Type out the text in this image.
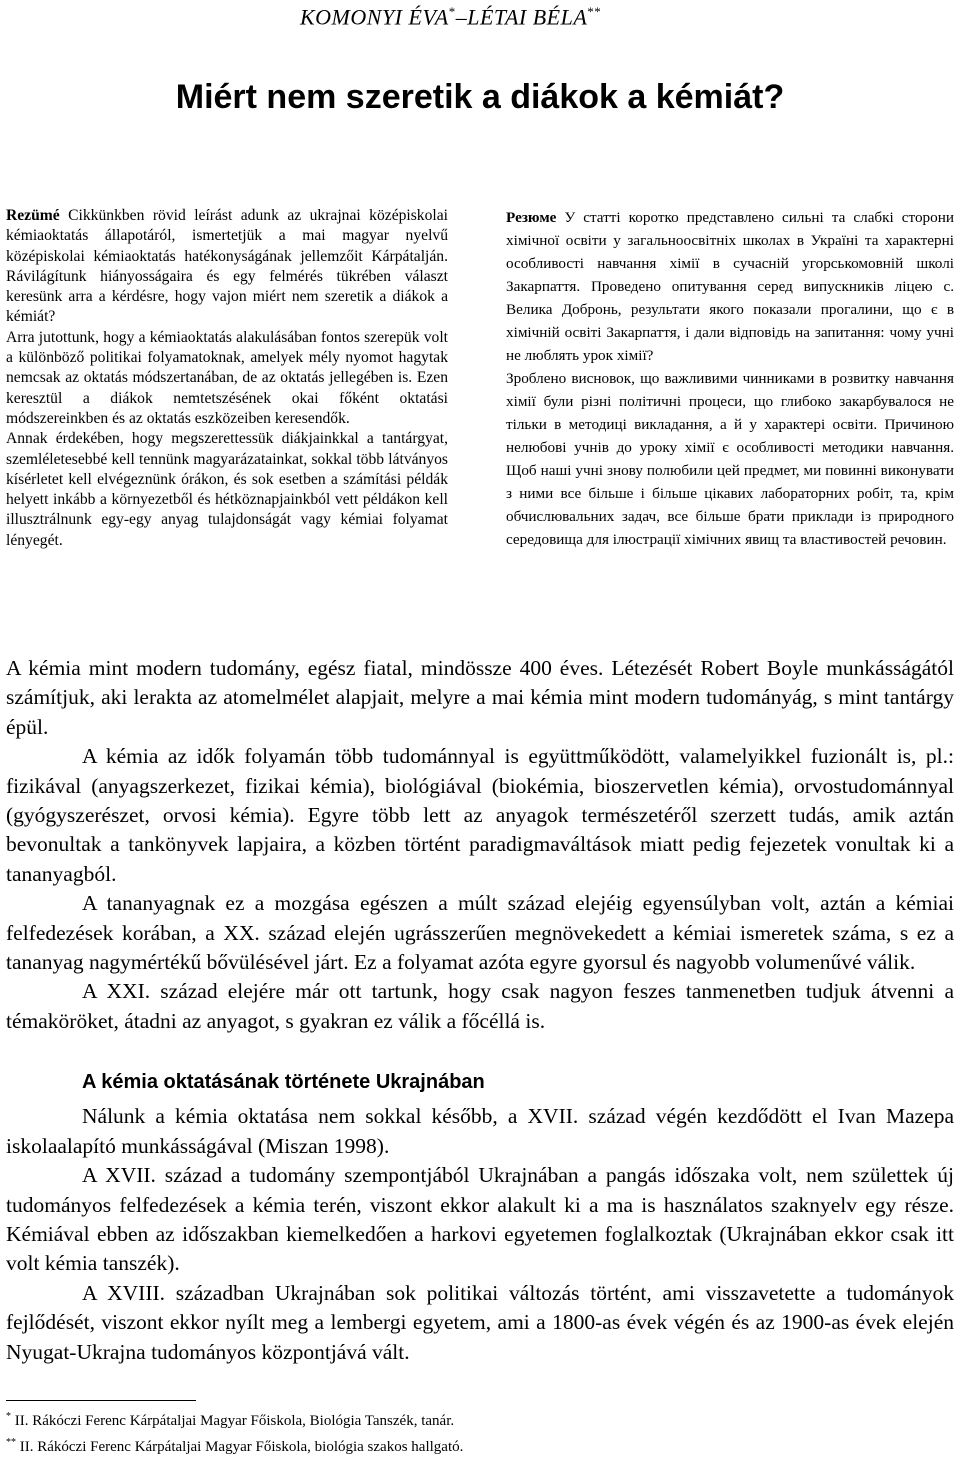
KOMONYI ÉVA*–LÉTAI BÉLA**
Miért nem szeretik a diákok a kémiát?

Rezümé Cikkünkben rövid leírást adunk az ukrajnai középiskolai kémiaoktatás állapotáról, ismertetjük a mai magyar nyelvű középiskolai kémiaoktatás hatékonyságának jellemzőit Kárpátalján. Rávilágítunk hiányosságaira és egy felmérés tükrében választ keresünk arra a kérdésre, hogy vajon miért nem szeretik a diákok a kémiát?

Arra jutottunk, hogy a kémiaoktatás alakulásában fontos szerepük volt a különböző politikai folyamatoknak, amelyek mély nyomot hagytak nemcsak az oktatás módszertanában, de az oktatás jellegében is. Ezen keresztül a diákok nemtetszésének okai főként oktatási módszereinkben és az oktatás eszközeiben keresendők.

Annak érdekében, hogy megszerettessük diákjainkkal a tantárgyat, szemléletesebbé kell tennünk magyarázatainkat, sokkal több látványos kísérletet kell elvégeznünk órákon, és sok esetben a számítási példák helyett inkább a környezetből és hétköznapjainkból vett példákon kell illusztrálnunk egy-egy anyag tulajdonságát vagy kémiai folyamat lényegét.

Резюме У статті коротко представлено сильні та слабкі сторони хімічної освіти у загальноосвітніх школах в Україні та характерні особливості навчання хімії в сучасній угорськомовній школі Закарпаття. Проведено опитування серед випускників ліцею с. Велика Добронь, результати якого показали прогалини, що є в хімічній освіті Закарпаття, і дали відповідь на запитання: чому учні не люблять урок хімії?

Зроблено висновок, що важливими чинниками в розвитку навчання хімії були різні політичні процеси, що глибоко закарбувалося не тільки в методиці викладання, а й у характері освіти. Причиною нелюбові учнів до уроку хімії є особливості методики навчання. Щоб наші учні знову полюбили цей предмет, ми повинні виконувати з ними все більше і більше цікавих лабораторних робіт, та, крім обчислювальних задач, все більше брати приклади із природного середовища для ілюстрації хімічних явищ та властивостей речовин.

A kémia mint modern tudomány, egész fiatal, mindössze 400 éves. Létezését Robert Boyle munkásságától számítjuk, aki lerakta az atomelmélet alapjait, melyre a mai kémia mint modern tudományág, s mint tantárgy épül.

A kémia az idők folyamán több tudománnyal is együttműködött, valamelyikkel fuzionált is, pl.: fizikával (anyagszerkezet, fizikai kémia), biológiával (biokémia, bioszervetlen kémia), orvostudománnyal (gyógyszerészet, orvosi kémia). Egyre több lett az anyagok természetéről szerzett tudás, amik aztán bevonultak a tankönyvek lapjaira, a közben történt paradigmaváltások miatt pedig fejezetek vonultak ki a tananyagból.

A tananyagnak ez a mozgása egészen a múlt század elejéig egyensúlyban volt, aztán a kémiai felfedezések korában, a XX. század elején ugrásszerűen megnövekedett a kémiai ismeretek száma, s ez a tananyag nagymértékű bővülésével járt. Ez a folyamat azóta egyre gyorsul és nagyobb volumenűvé válik.

A XXI. század elejére már ott tartunk, hogy csak nagyon feszes tanmenetben tudjuk átvenni a témaköröket, átadni az anyagot, s gyakran ez válik a főcéllá is.

A kémia oktatásának története Ukrajnában

Nálunk a kémia oktatása nem sokkal később, a XVII. század végén kezdődött el Ivan Mazepa iskolaalapító munkásságával (Miszan 1998).

A XVII. század a tudomány szempontjából Ukrajnában a pangás időszaka volt, nem születtek új tudományos felfedezések a kémia terén, viszont ekkor alakult ki a ma is használatos szaknyelv egy része. Kémiával ebben az időszakban kiemelkedően a harkovi egyetemen foglalkoztak (Ukrajnában ekkor csak itt volt kémia tanszék).

A XVIII. században Ukrajnában sok politikai változás történt, ami visszavetette a tudományok fejlődését, viszont ekkor nyílt meg a lembergi egyetem, ami a 1800-as évek végén és az 1900-as évek elején Nyugat-Ukrajna tudományos központjává vált.

* II. Rákóczi Ferenc Kárpátaljai Magyar Főiskola, Biológia Tanszék, tanár.
** II. Rákóczi Ferenc Kárpátaljai Magyar Főiskola, biológia szakos hallgató.
